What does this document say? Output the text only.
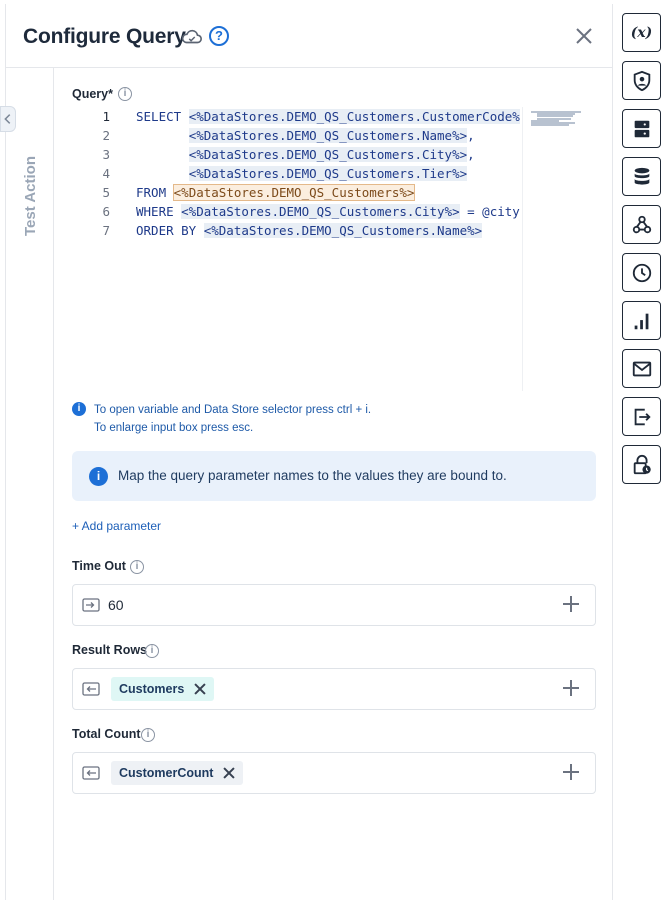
Configure Query	?
Test Action
Query*	i
1
2
3
4
5
6
7
SELECT <%DataStores.DEMO_QS_Customers.CustomerCode%
<%DataStores.DEMO_QS_Customers.Name%>,
<%DataStores.DEMO_QS_Customers.City%>,
<%DataStores.DEMO_QS_Customers.Tier%>
FROM <%DataStores.DEMO_QS_Customers%>
WHERE <%DataStores.DEMO_QS_Customers.City%> = @city
ORDER BY <%DataStores.DEMO_QS_Customers.Name%>
i	To open variable and Data Store selector press ctrl + i.
To enlarge input box press esc.
i	Map the query parameter names to the values they are bound to.
+ Add parameter
Time Out i
60
Result Rows i
Customers
Total Count i
CustomerCount
(x)
